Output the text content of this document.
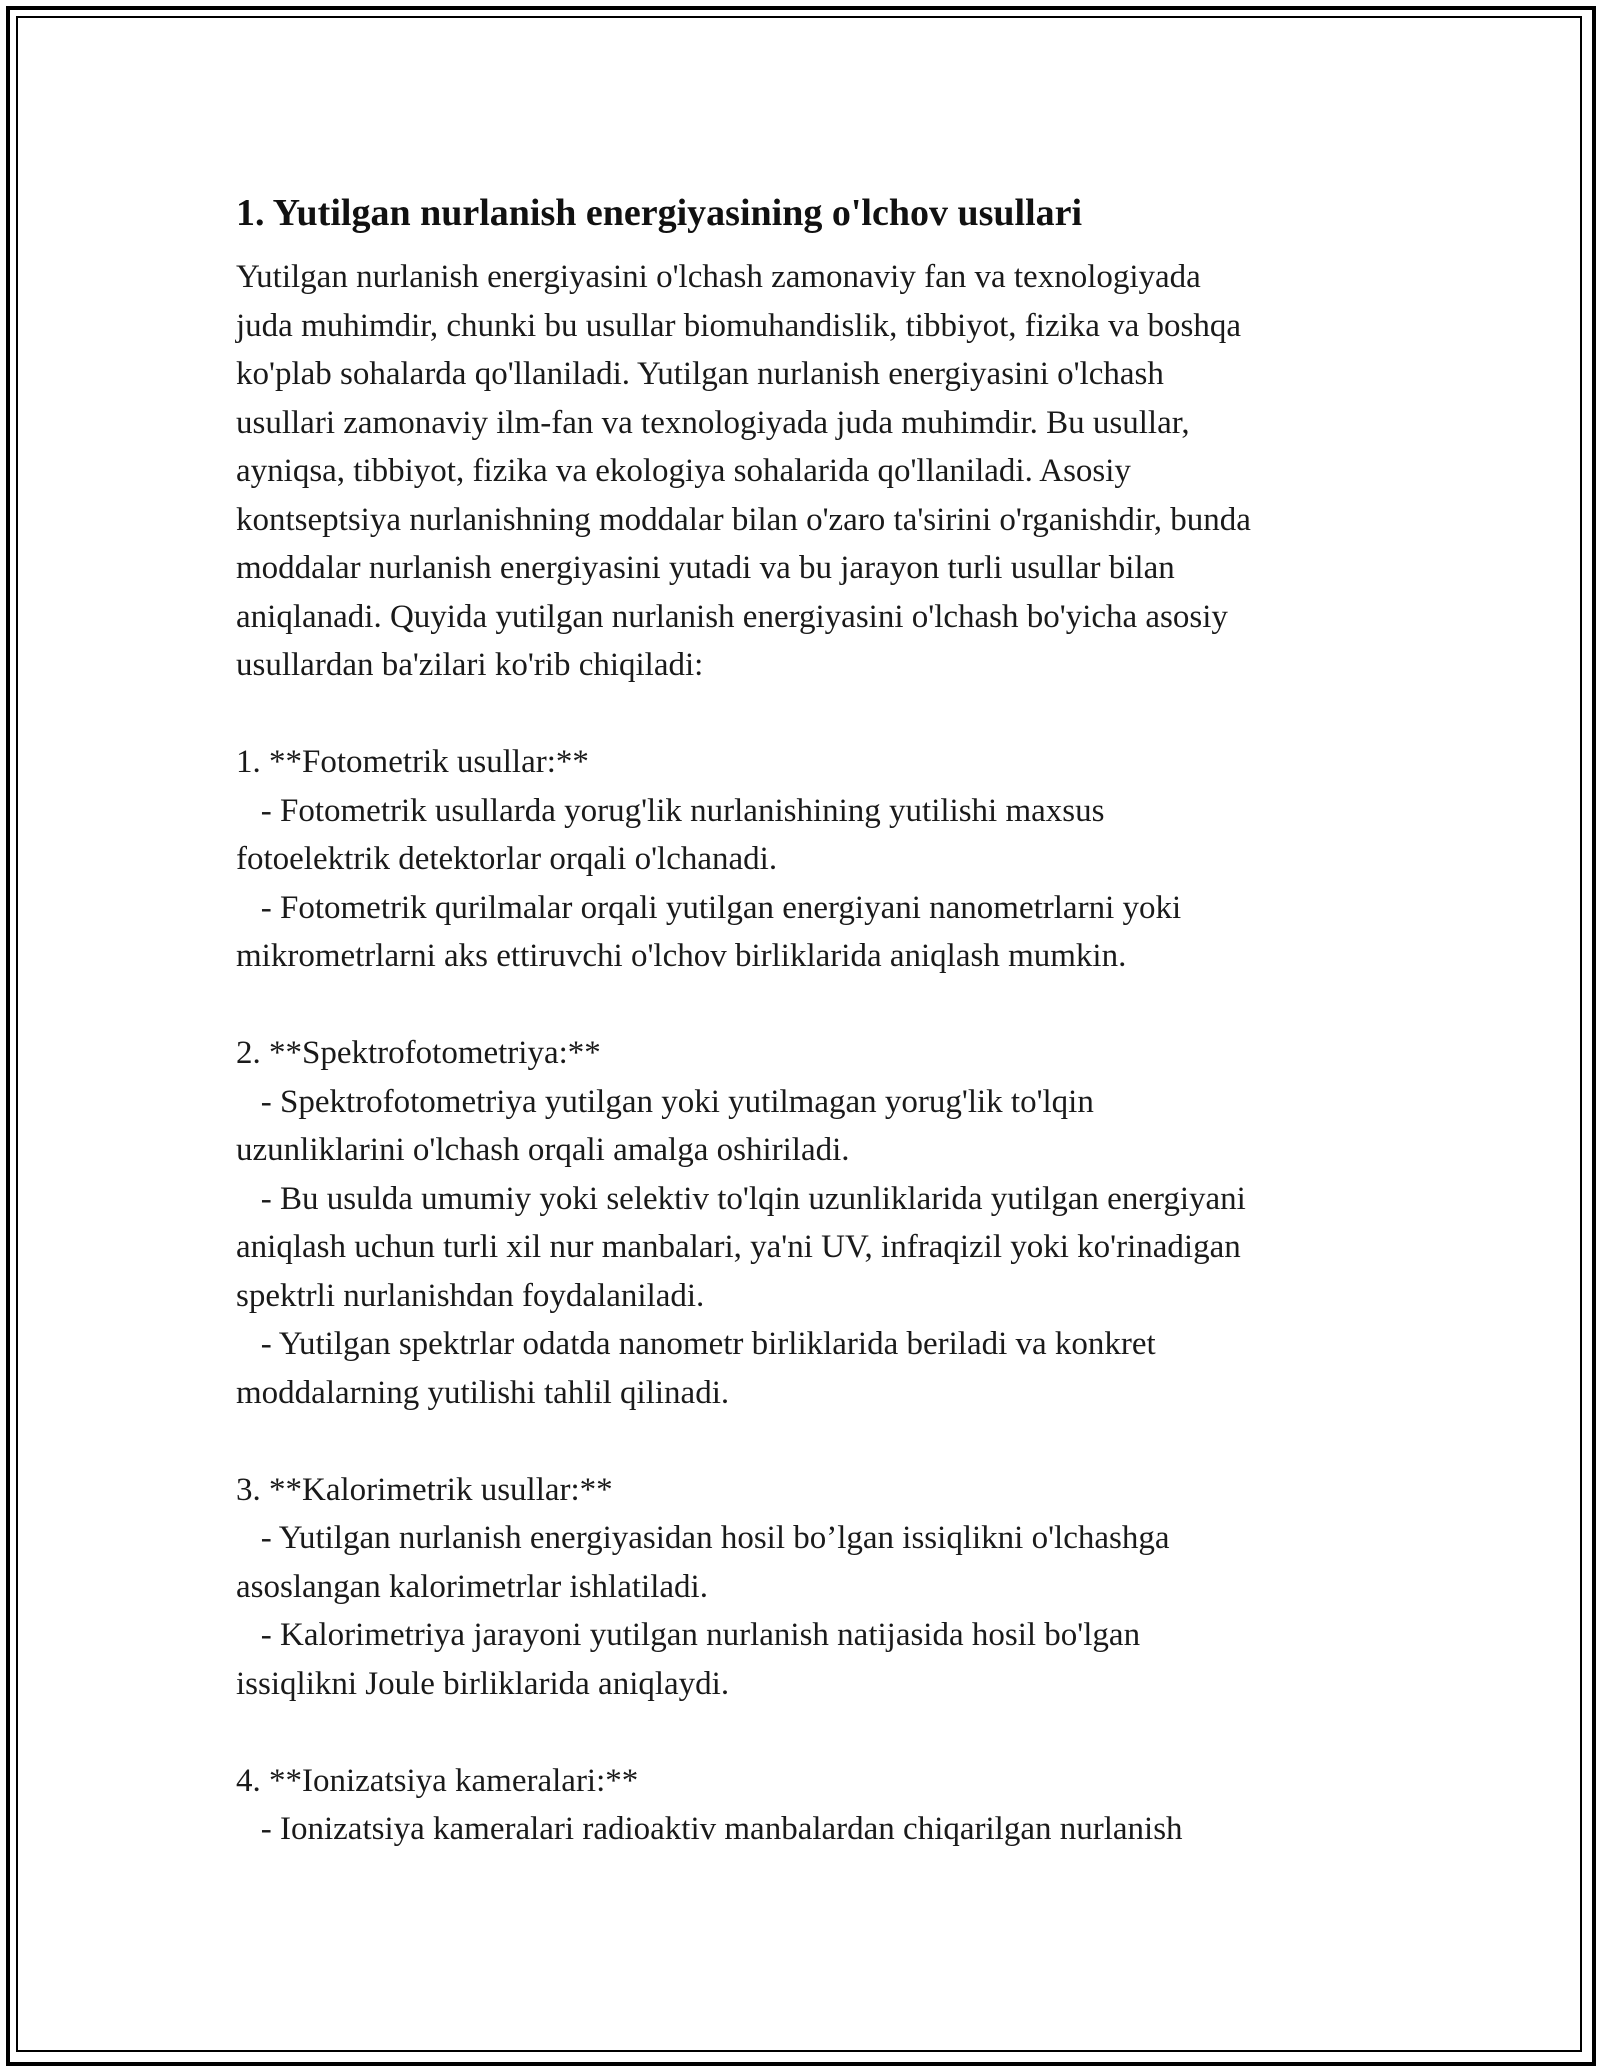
1. Yutilgan nurlanish energiyasining o'lchov usullari
Yutilgan nurlanish energiyasini o'lchash zamonaviy fan va texnologiyada
juda muhimdir, chunki bu usullar biomuhandislik, tibbiyot, fizika va boshqa
ko'plab sohalarda qo'llaniladi. Yutilgan nurlanish energiyasini o'lchash
usullari zamonaviy ilm-fan va texnologiyada juda muhimdir. Bu usullar,
ayniqsa, tibbiyot, fizika va ekologiya sohalarida qo'llaniladi. Asosiy
kontseptsiya nurlanishning moddalar bilan o'zaro ta'sirini o'rganishdir, bunda
moddalar nurlanish energiyasini yutadi va bu jarayon turli usullar bilan
aniqlanadi. Quyida yutilgan nurlanish energiyasini o'lchash bo'yicha asosiy
usullardan ba'zilari ko'rib chiqiladi:
1. **Fotometrik usullar:**
- Fotometrik usullarda yorug'lik nurlanishining yutilishi maxsus
fotoelektrik detektorlar orqali o'lchanadi.
- Fotometrik qurilmalar orqali yutilgan energiyani nanometrlarni yoki
mikrometrlarni aks ettiruvchi o'lchov birliklarida aniqlash mumkin.
2. **Spektrofotometriya:**
- Spektrofotometriya yutilgan yoki yutilmagan yorug'lik to'lqin
uzunliklarini o'lchash orqali amalga oshiriladi.
- Bu usulda umumiy yoki selektiv to'lqin uzunliklarida yutilgan energiyani
aniqlash uchun turli xil nur manbalari, ya'ni UV, infraqizil yoki ko'rinadigan
spektrli nurlanishdan foydalaniladi.
- Yutilgan spektrlar odatda nanometr birliklarida beriladi va konkret
moddalarning yutilishi tahlil qilinadi.
3. **Kalorimetrik usullar:**
- Yutilgan nurlanish energiyasidan hosil bo’lgan issiqlikni o'lchashga
asoslangan kalorimetrlar ishlatiladi.
- Kalorimetriya jarayoni yutilgan nurlanish natijasida hosil bo'lgan
issiqlikni Joule birliklarida aniqlaydi.
4. **Ionizatsiya kameralari:**
- Ionizatsiya kameralari radioaktiv manbalardan chiqarilgan nurlanish
